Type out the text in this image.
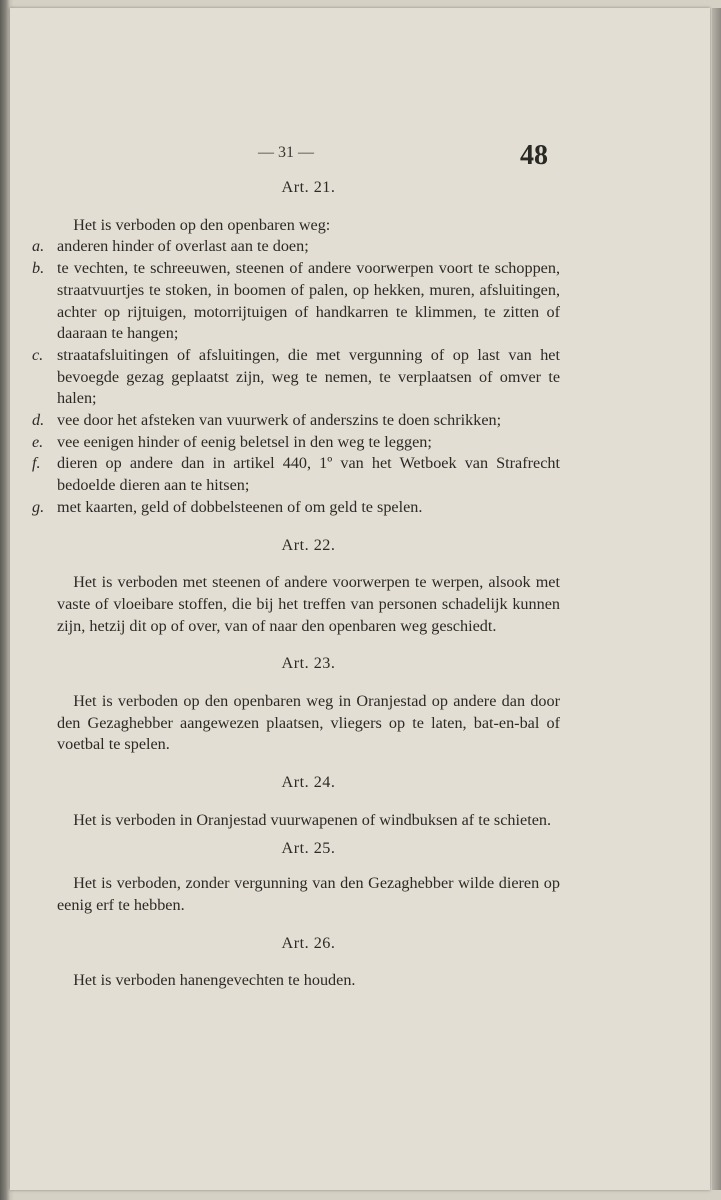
— 31 —	48

Art. 21.

Het is verboden op den openbaren weg:

a. anderen hinder of overlast aan te doen;
b. te vechten, te schreeuwen, steenen of andere voorwerpen voort te schoppen, straatvuurtjes te stoken, in boomen of palen, op hekken, muren, afsluitingen, achter op rijtuigen, motorrijtuigen of handkarren te klimmen, te zitten of daaraan te hangen;
c. straatafsluitingen of afsluitingen, die met vergunning of op last van het bevoegde gezag geplaatst zijn, weg te nemen, te verplaatsen of omver te halen;
d. vee door het afsteken van vuurwerk of anderszins te doen schrikken;
e. vee eenigen hinder of eenig beletsel in den weg te leggen;
f. dieren op andere dan in artikel 440, 1º van het Wetboek van Strafrecht bedoelde dieren aan te hitsen;
g. met kaarten, geld of dobbelsteenen of om geld te spelen.

Art. 22.

Het is verboden met steenen of andere voorwerpen te werpen, alsook met vaste of vloeibare stoffen, die bij het treffen van personen schadelijk kunnen zijn, hetzij dit op of over, van of naar den openbaren weg geschiedt.

Art. 23.

Het is verboden op den openbaren weg in Oranjestad op andere dan door den Gezaghebber aangewezen plaatsen, vliegers op te laten, bat-en-bal of voetbal te spelen.

Art. 24.

Het is verboden in Oranjestad vuurwapenen of windbuksen af te schieten.

Art. 25.

Het is verboden, zonder vergunning van den Gezaghebber wilde dieren op eenig erf te hebben.

Art. 26.

Het is verboden hanengevechten te houden.
